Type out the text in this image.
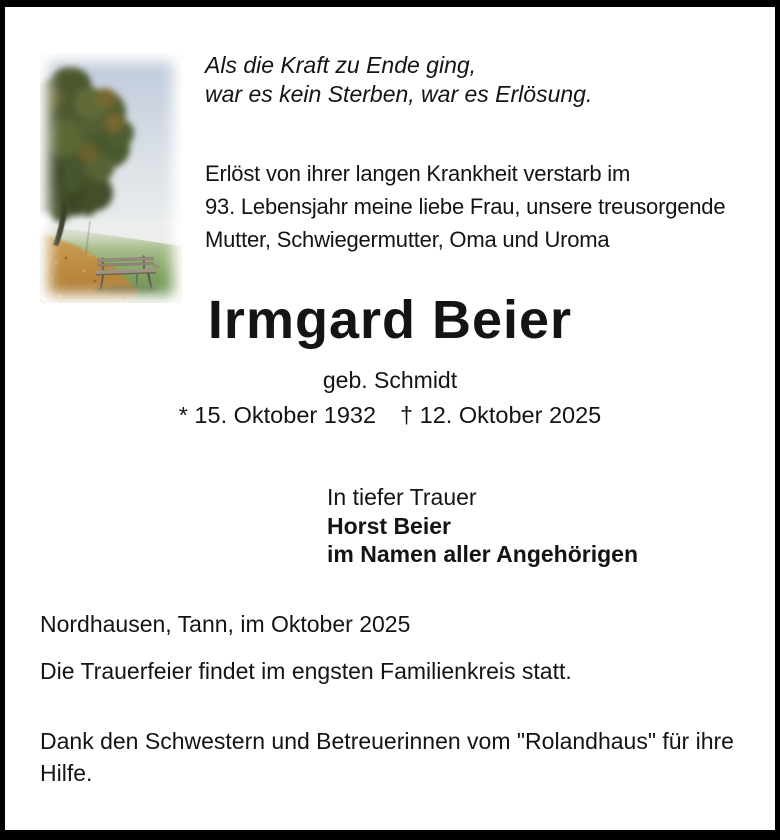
Als die Kraft zu Ende ging,
war es kein Sterben, war es Erlösung.
Erlöst von ihrer langen Krankheit verstarb im
93. Lebensjahr meine liebe Frau, unsere treusorgende
Mutter, Schwiegermutter, Oma und Uroma
Irmgard Beier
geb. Schmidt
* 15. Oktober 1932 † 12. Oktober 2025
In tiefer Trauer
Horst Beier
im Namen aller Angehörigen
Nordhausen, Tann, im Oktober 2025
Die Trauerfeier findet im engsten Familienkreis statt.
Dank den Schwestern und Betreuerinnen vom "Rolandhaus" für ihre
Hilfe.
